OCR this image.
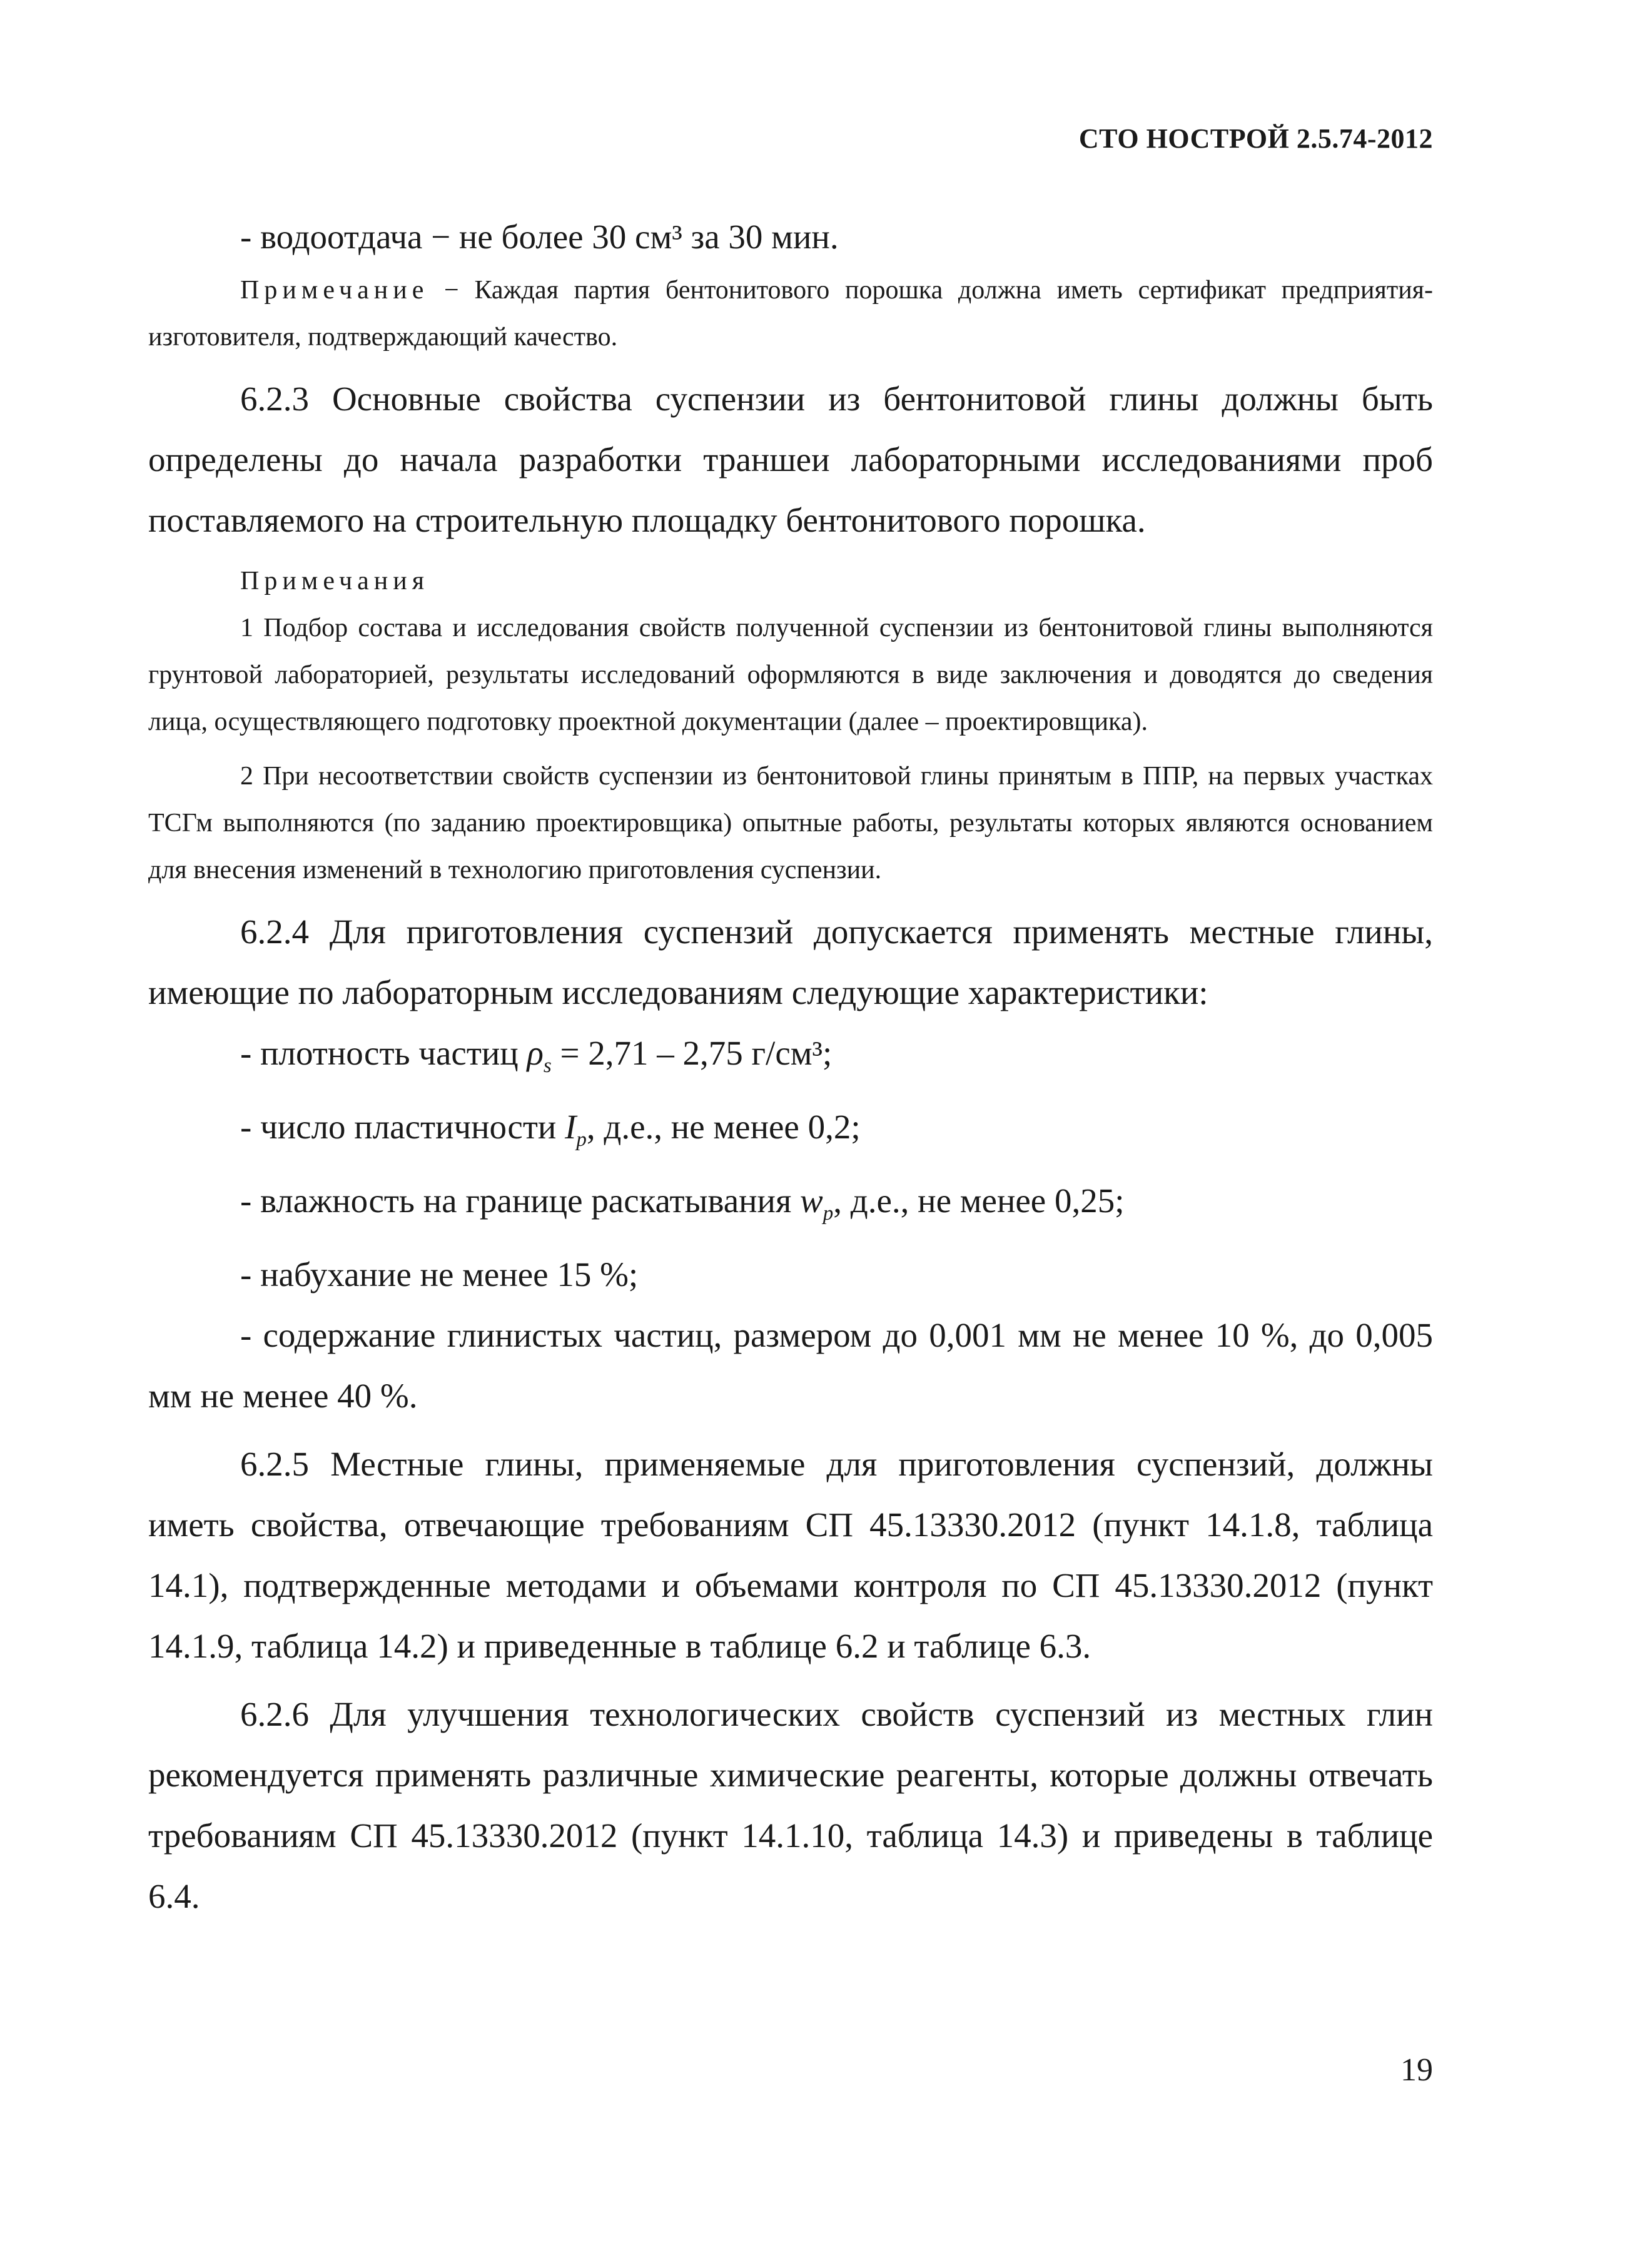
СТО НОСТРОЙ 2.5.74-2012

- водоотдача − не более 30 см³ за 30 мин.

Примечание − Каждая партия бентонитового порошка должна иметь сертификат предприятия-изготовителя, подтверждающий качество.

6.2.3 Основные свойства суспензии из бентонитовой глины должны быть определены до начала разработки траншеи лабораторными исследованиями проб поставляемого на строительную площадку бентонитового порошка.

Примечания

1 Подбор состава и исследования свойств полученной суспензии из бентонитовой глины выполняются грунтовой лабораторией, результаты исследований оформляются в виде заключения и доводятся до сведения лица, осуществляющего подготовку проектной документации (далее – проектировщика).

2 При несоответствии свойств суспензии из бентонитовой глины принятым в ППР, на первых участках ТСГм выполняются (по заданию проектировщика) опытные работы, результаты которых являются основанием для внесения изменений в технологию приготовления суспензии.

6.2.4 Для приготовления суспензий допускается применять местные глины, имеющие по лабораторным исследованиям следующие характеристики:

- плотность частиц $\rho_s = 2,71 - 2,75$ г/см³;

- число пластичности $I_p$, д.е., не менее 0,2;

- влажность на границе раскатывания $w_p$, д.е., не менее 0,25;

- набухание не менее 15 %;

- содержание глинистых частиц, размером до 0,001 мм не менее 10 %, до 0,005 мм не менее 40 %.

6.2.5 Местные глины, применяемые для приготовления суспензий, должны иметь свойства, отвечающие требованиям СП 45.13330.2012 (пункт 14.1.8, таблица 14.1), подтвержденные методами и объемами контроля по СП 45.13330.2012 (пункт 14.1.9, таблица 14.2) и приведенные в таблице 6.2 и таблице 6.3.

6.2.6 Для улучшения технологических свойств суспензий из местных глин рекомендуется применять различные химические реагенты, которые должны отвечать требованиям СП 45.13330.2012 (пункт 14.1.10, таблица 14.3) и приведены в таблице 6.4.

19
